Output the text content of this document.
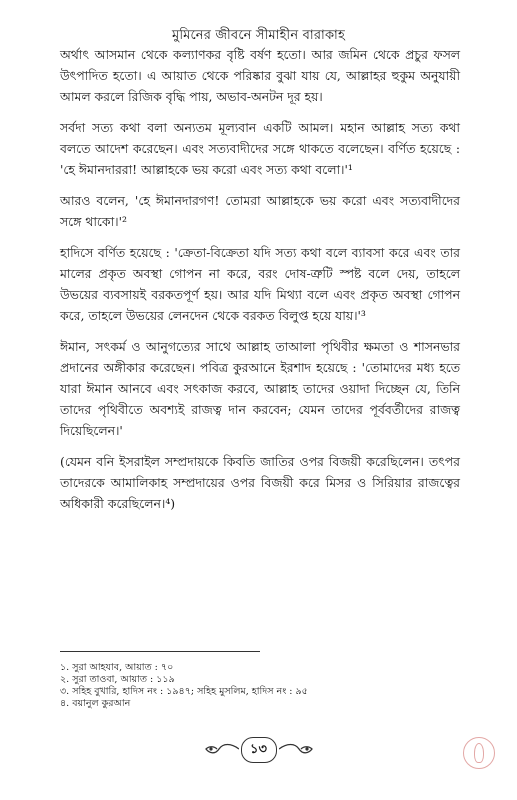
মুমিনের জীবনে সীমাহীন বারাকাহ

অর্থাৎ আসমান থেকে কল্যাণকর বৃষ্টি বর্ষণ হতো। আর জমিন থেকে প্রচুর ফসল উৎপাদিত হতো। এ আয়াত থেকে পরিষ্কার বুঝা যায় যে, আল্লাহর হুকুম অনুযায়ী আমল করলে রিজিক বৃদ্ধি পায়, অভাব-অনটন দূর হয়।

সর্বদা সত্য কথা বলা অন্যতম মূল্যবান একটি আমল। মহান আল্লাহ সত্য কথা বলতে আদেশ করেছেন। এবং সত্যবাদীদের সঙ্গে থাকতে বলেছেন। বর্ণিত হয়েছে : 'হে ঈমানদাররা! আল্লাহকে ভয় করো এবং সত্য কথা বলো।'¹

আরও বলেন, 'হে ঈমানদারগণ! তোমরা আল্লাহকে ভয় করো এবং সত্যবাদীদের সঙ্গে থাকো।'²

হাদিসে বর্ণিত হয়েছে : 'ক্রেতা-বিক্রেতা যদি সত্য কথা বলে ব্যাবসা করে এবং তার মালের প্রকৃত অবস্থা গোপন না করে, বরং দোষ-ত্রুটি স্পষ্ট বলে দেয়, তাহলে উভয়ের ব্যবসায়ই বরকতপূর্ণ হয়। আর যদি মিথ্যা বলে এবং প্রকৃত অবস্থা গোপন করে, তাহলে উভয়ের লেনদেন থেকে বরকত বিলুপ্ত হয়ে যায়।'³

ঈমান, সৎকর্ম ও আনুগত্যের সাথে আল্লাহ তাআলা পৃথিবীর ক্ষমতা ও শাসনভার প্রদানের অঙ্গীকার করেছেন। পবিত্র কুরআনে ইরশাদ হয়েছে : 'তোমাদের মধ্য হতে যারা ঈমান আনবে এবং সৎকাজ করবে, আল্লাহ তাদের ওয়াদা দিচ্ছেন যে, তিনি তাদের পৃথিবীতে অবশ্যই রাজত্ব দান করবেন; যেমন তাদের পূর্ববর্তীদের রাজত্ব দিয়েছিলেন।'

(যেমন বনি ইসরাইল সম্প্রদায়কে কিবতি জাতির ওপর বিজয়ী করেছিলেন। তৎপর তাদেরকে আমালিকাহ সম্প্রদায়ের ওপর বিজয়ী করে মিসর ও সিরিয়ার রাজত্বের অধিকারী করেছিলেন।⁴)

১. সুরা আহযাব, আয়াত : ৭০
২. সুরা তাওবা, আয়াত : ১১৯
৩. সহিহ বুখারি, হাদিস নং : ১৯৪৭; সহিহ মুসলিম, হাদিস নং : ৯৫
৪. বয়ানুল কুরআন
১৩
